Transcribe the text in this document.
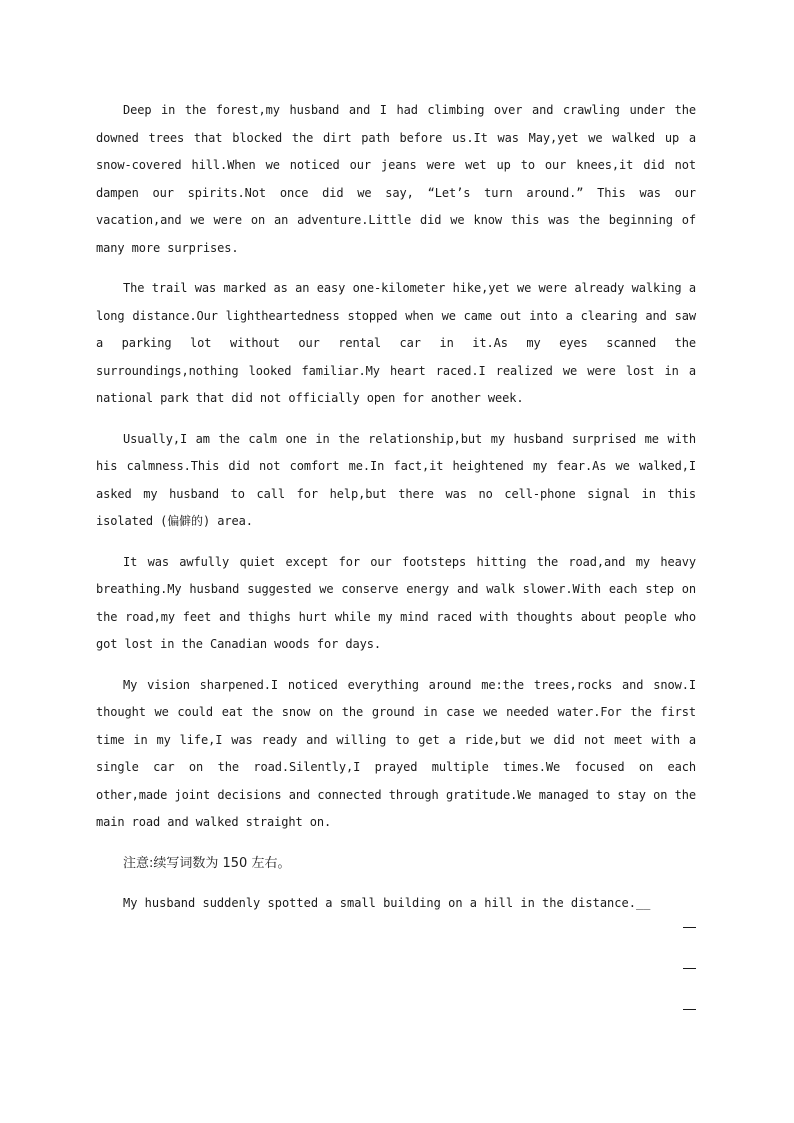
Deep in the forest,my husband and I had climbing over and crawling under the downed trees that blocked the dirt path before us.It was May,yet we walked up a snow-covered hill.When we noticed our jeans were wet up to our knees,it did not dampen our spirits.Not once did we say, “Let’s turn around.” This was our vacation,and we were on an adventure.Little did we know this was the beginning of many more surprises.

The trail was marked as an easy one-kilometer hike,yet we were already walking a long distance.Our lightheartedness stopped when we came out into a clearing and saw a parking lot without our rental car in it.As my eyes scanned the surroundings,nothing looked familiar.My heart raced.I realized we were lost in a national park that did not officially open for another week.

Usually,I am the calm one in the relationship,but my husband surprised me with his calmness.This did not comfort me.In fact,it heightened my fear.As we walked,I asked my husband to call for help,but there was no cell-phone signal in this isolated (偏僻的) area.

It was awfully quiet except for our footsteps hitting the road,and my heavy breathing.My husband suggested we conserve energy and walk slower.With each step on the road,my feet and thighs hurt while my mind raced with thoughts about people who got lost in the Canadian woods for days.

My vision sharpened.I noticed everything around me:the trees,rocks and snow.I thought we could eat the snow on the ground in case we needed water.For the first time in my life,I was ready and willing to get a ride,but we did not meet with a single car on the road.Silently,I prayed multiple times.We focused on each other,made joint decisions and connected through gratitude.We managed to stay on the main road and walked straight on.

注意:续写词数为 150 左右。

My husband suddenly spotted a small building on a hill in the distance.__
